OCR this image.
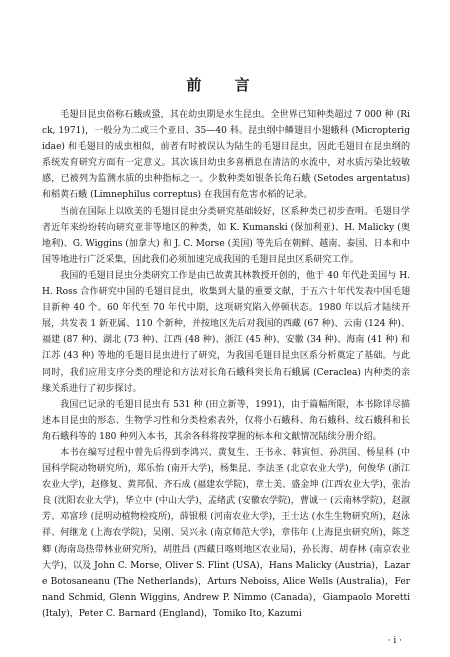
前 言

毛翅目昆虫俗称石蛾或蛩，其在幼虫期是水生昆虫。全世界已知种类超过 7 000 种 (Rick, 1971)，一般分为二或三个亚目、35—40 科。昆虫纲中鳞翅目小翅蛾科 (Micropterigidae) 和毛翅目的成虫相似，前者有时被误认为陆生的毛翅目昆虫，因此毛翅目在昆虫纲的系统发育研究方面有一定意义。其次该目幼虫多喜栖息在清洁的水流中，对水质污染比较敏感，已被列为监测水质的虫种指标之一。少数种类如银条长角石蛾 (Setodes argentatus) 和稻黄石蛾 (Limnephilus correptus) 在我国有危害水稻的记录。

当前在国际上以欧美的毛翅目昆虫分类研究基础较好，区系种类已初步查明。毛翅目学者近年来纷纷转向研究亚非等地区的种类，如 K. Kumanski (保加利亚)、H. Malicky (奥地利)、G. Wiggins (加拿大) 和 J. C. Morse (美国) 等先后在朝鲜、越南、泰国、日本和中国等地进行广泛采集，因此我们必须加速完成我国的毛翅目昆虫区系研究工作。

我国的毛翅目昆虫分类研究工作是由已故黄其林教授开创的，他于 40 年代赴美国与 H. H. Ross 合作研究中国的毛翅目昆虫，收集到大量的重要文献，于五六十年代发表中国毛翅目新种 40 个。60 年代至 70 年代中期，这项研究陷入停顿状态。1980 年以后才陆续开展，共发表 1 新亚属、110 个新种，并按地区先后对我国的西藏 (67 种)、云南 (124 种)、福建 (87 种)、湖北 (73 种)、江西 (48 种)、浙江 (45 种)、安徽 (34 种)、海南 (41 种) 和江苏 (43 种) 等地的毛翅目昆虫进行了研究，为我国毛翅目昆虫区系分析奠定了基础。与此同时，我们应用支序分类的理论和方法对长角石蛾科突长角石蛾属 (Ceraclea) 内种类的亲缘关系进行了初步探讨。

我国已记录的毛翅目昆虫有 531 种 (田立新等，1991)，由于篇幅所限，本书除详尽描述本目昆虫的形态、生物学习性和分类检索表外，仅将小石蛾科、角石蛾科、纹石蛾科和长角石蛾科等的 180 种列入本书，其余各科将按掌握的标本和文献情况陆续分册介绍。

本书在编写过程中曾先后得到李鸿兴、黄复生、王书永、韩寅恒、孙洪国、杨星科 (中国科学院动物研究所)，郑乐怡 (南开大学)，杨集昆、李法圣 (北京农业大学)，何俊华 (浙江农业大学)，赵修复、黄邦侃、齐石成 (福建农学院)，章士美、盛金坤 (江西农业大学)，张治良 (沈阳农业大学)，华立中 (中山大学)，孟绪武 (安徽农学院)，曹诚一 (云南林学院)，赵淑芳、邓富珍 (昆明动植物检疫所)，薛银根 (河南农业大学)，王士达 (水生生物研究所)，赵泳祥、何继龙 (上海农学院)，吴刚、吴兴永 (南京师范大学)，章伟年 (上海昆虫研究所)，陈芝卿 (海南岛热带林业研究所)，胡胜昌 (西藏日喀则地区农业局)，孙长海、胡春林 (南京农业大学)，以及 John C. Morse, Oliver S. Flint (USA)，Hans Malicky (Austria)，Lazare Botosaneanu (The Netherlands)，Arturs Neboiss, Alice Wells (Australia)，Fernand Schmid, Glenn Wiggins, Andrew P. Nimmo (Canada)，Giampaolo Moretti (Italy)，Peter C. Barnard (England)，Tomiko Ito, Kazumi

· i ·
